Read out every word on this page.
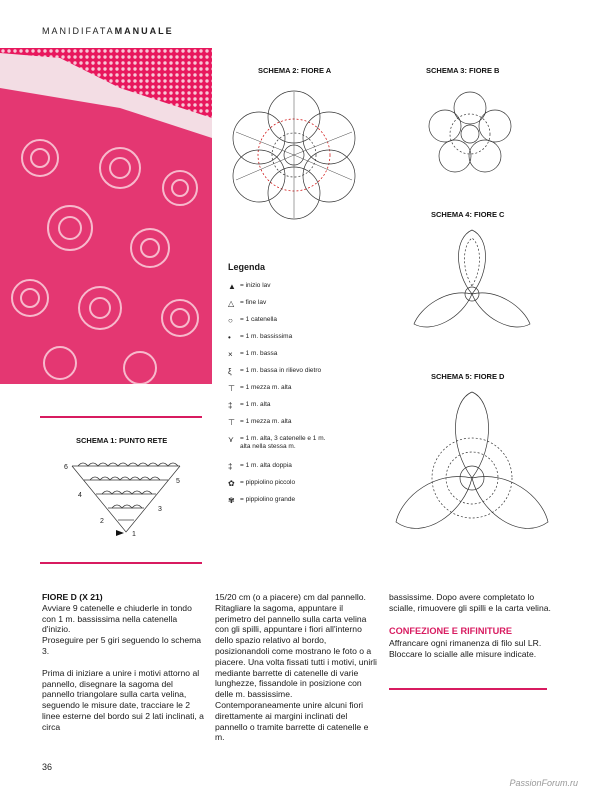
MANIDIFATAMANUALE
SCHEMA 2: FIORE A	SCHEMA 3: FIORE B
SCHEMA 4: FIORE C
Legenda
▲ = inizio lav
△ = fine lav
○	= 1 catenella
•	= 1 m. bassissima
×	= 1 m. bassa
ξ	= 1 m. bassa in rilievo dietro
⊤ = 1 mezza m. alta
‡	= 1 m. alta
⊤ = 1 mezza m. alta
⋎ = 1 m. alta, 3 catenelle e 1 m. alta nella stessa m.
‡	= 1 m. alta doppia
✿ = pippiolino piccolo
✾ = pippiolino grande
SCHEMA 5: FIORE D
SCHEMA 1: PUNTO RETE
6
5
4
3
2
1
FIORE D (X 21)

Avviare 9 catenelle e chiuderle in tondo con 1 m. bassissima nella catenella d'inizio.

Proseguire per 5 giri seguendo lo schema 3.

Prima di iniziare a unire i motivi attorno al pannello, disegnare la sagoma del pannello triangolare sulla carta velina, seguendo le misure date, tracciare le 2 linee esterne del bordo sui 2 lati inclinati, a circa

15/20 cm (o a piacere) cm dal pannello. Ritagliare la sagoma, appuntare il perimetro del pannello sulla carta velina con gli spilli, appuntare i fiori all'interno dello spazio relativo al bordo, posizionandoli come mostrano le foto o a piacere. Una volta fissati tutti i motivi, unirli mediante barrette di catenelle di varie lunghezze, fissandole in posizione con delle m. bassissime. Contemporaneamente unire alcuni fiori direttamente ai margini inclinati del pannello o tramite barrette di catenelle e m.

bassissime. Dopo avere completato lo scialle, rimuovere gli spilli e la carta velina.

CONFEZIONE E RIFINITURE

Affrancare ogni rimanenza di filo sul LR. Bloccare lo scialle alle misure indicate.

36
PassionForum.ru
